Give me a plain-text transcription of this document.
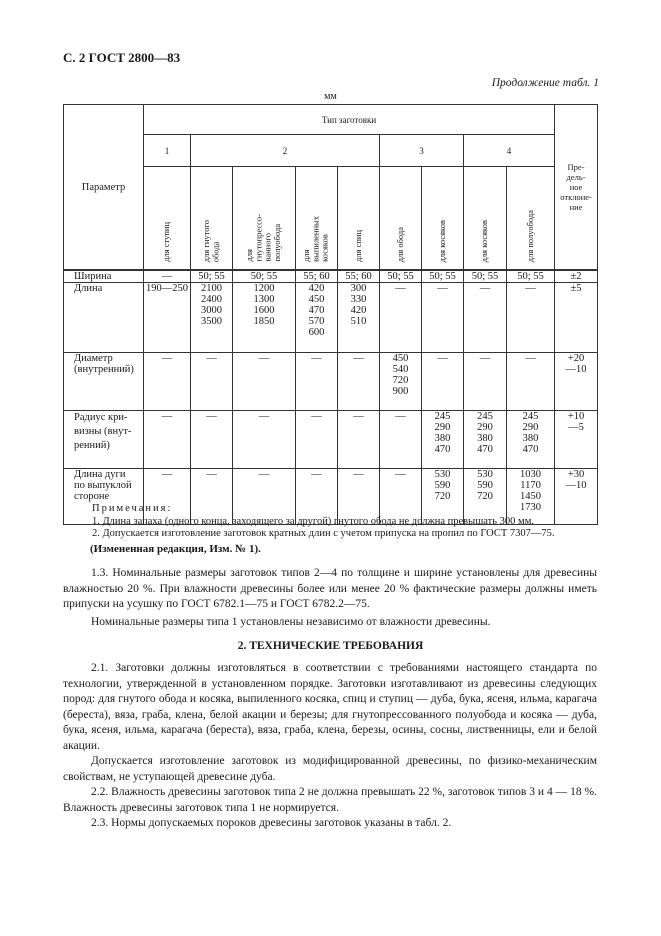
С. 2 ГОСТ 2800—83
Продолжение табл. 1
мм
Параметр	Тип заготовки									Пре-
дель-
ное
отклоне-
ние
	1	2				3		4		
	для ступиц	для гнутого
обода	для
гнутопрессо-
ванного
полуобода	для
выпиленных
косяков	для спиц	для обода	для косяков	для косяков	для полуобода	
Ширина	—	50; 55	50; 55	55; 60	55; 60	50; 55	50; 55	50; 55	50; 55	±2
Длина	190—250	2100
2400
3000
3500	1200
1300
1600
1850	420
450
470
570
600	300
330
420
510	—	—	—	—	±5
Диаметр
(внутренний)	—	—	—	—	—	450
540
720
900	—	—	—	+20
—10

Радиус кри-
визны (внут-
ренний)	—	—	—	—	—	—	245
290
380
470	245
290
380
470	245
290
380
470	+10
—5

Длина дуги
по выпуклой
стороне	—	—	—	—	—	—	530
590
720	530
590
720	1030
1170
1450
1730	+30
—10
Примечания:
1. Длина запаха (одного конца, заходящего за другой) гнутого обода не должна превышать 300 мм.
2. Допускается изготовление заготовок кратных длин с учетом припуска на пропил по ГОСТ 7307—75.
(Измененная редакция, Изм. № 1).

1.3. Номинальные размеры заготовок типов 2—4 по толщине и ширине установлены для древесины влажностью 20 %. При влажности древесины более или менее 20 % фактические размеры должны иметь припуски на усушку по ГОСТ 6782.1—75 и ГОСТ 6782.2—75.

Номинальные размеры типа 1 установлены независимо от влажности древесины.

2. ТЕХНИЧЕСКИЕ ТРЕБОВАНИЯ

2.1. Заготовки должны изготовляться в соответствии с требованиями настоящего стандарта по технологии, утвержденной в установленном порядке. Заготовки изготавливают из древесины следующих пород: для гнутого обода и косяка, выпиленного косяка, спиц и ступиц — дуба, бука, ясеня, ильма, карагача (береста), вяза, граба, клена, белой акации и березы; для гнутопрессованного полуобода и косяка — дуба, бука, ясеня, ильма, карагача (береста), вяза, граба, клена, березы, осины, сосны, лиственницы, ели и белой акации.

Допускается изготовление заготовок из модифицированной древесины, по физико-механическим свойствам, не уступающей древесине дуба.

2.2. Влажность древесины заготовок типа 2 не должна превышать 22 %, заготовок типов 3 и 4 — 18 %. Влажность древесины заготовок типа 1 не нормируется.

2.3. Нормы допускаемых пороков древесины заготовок указаны в табл. 2.
